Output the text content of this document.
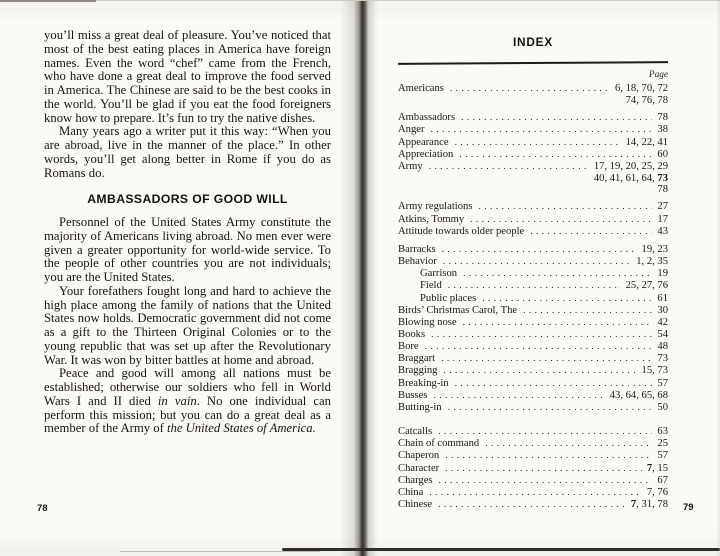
you’ll miss a great deal of pleasure. You’ve noticed that most of the best eating places in America have foreign names. Even the word “chef” came from the French, who have done a great deal to improve the food served in America. The Chinese are said to be the best cooks in the world. You’ll be glad if you eat the food foreigners know how to prepare. It’s fun to try the native dishes.

Many years ago a writer put it this way: “When you are abroad, live in the manner of the place.” In other words, you’ll get along better in Rome if you do as Romans do.

AMBASSADORS OF GOOD WILL

Personnel of the United States Army constitute the majority of Americans living abroad. No men ever were given a greater opportunity for world-wide service. To the people of other countries you are not individuals; you are the United States.

Your forefathers fought long and hard to achieve the high place among the family of nations that the United States now holds. Democratic government did not come as a gift to the Thirteen Original Colonies or to the young republic that was set up after the Revolutionary War. It was won by bitter battles at home and abroad.

Peace and good will among all nations must be established; otherwise our soldiers who fell in World Wars I and II died in vain. No one individual can perform this mission; but you can do a great deal as a member of the Army of the United States of America.

78
INDEX
Page
Americans . . .	6, 18, 70, 72
74, 76, 78
Ambassadors . . .	78
Anger . . .	38
Appearance . . .	14, 22, 41
Appreciation . . .	60
Army . . .	17, 19, 20, 25, 29
40, 41, 61, 64, 73
78
Army regulations . . .	27
Atkins, Tommy . . .	17
Attitude towards older people . . .	43
Barracks . . .	19, 23
Behavior . . .	1, 2, 35
Garrison . . .	19
Field . . .	25, 27, 76
Public places . . .	61
Birds’ Christmas Carol, The . . .	30
Blowing nose . . .	42
Books . . .	54
Bore . . .	48
Braggart . . .	73
Bragging . . .	15, 73
Breaking-in . . .	57
Busses . . .	43, 64, 65, 68
Butting-in . . .	50
Catcalls . . .	63
Chain of command . . .	25
Chaperon . . .	57
Character . . .	7, 15
Charges . . .	67
China . . .	7, 76
Chinese . . .	7, 31, 78 79
